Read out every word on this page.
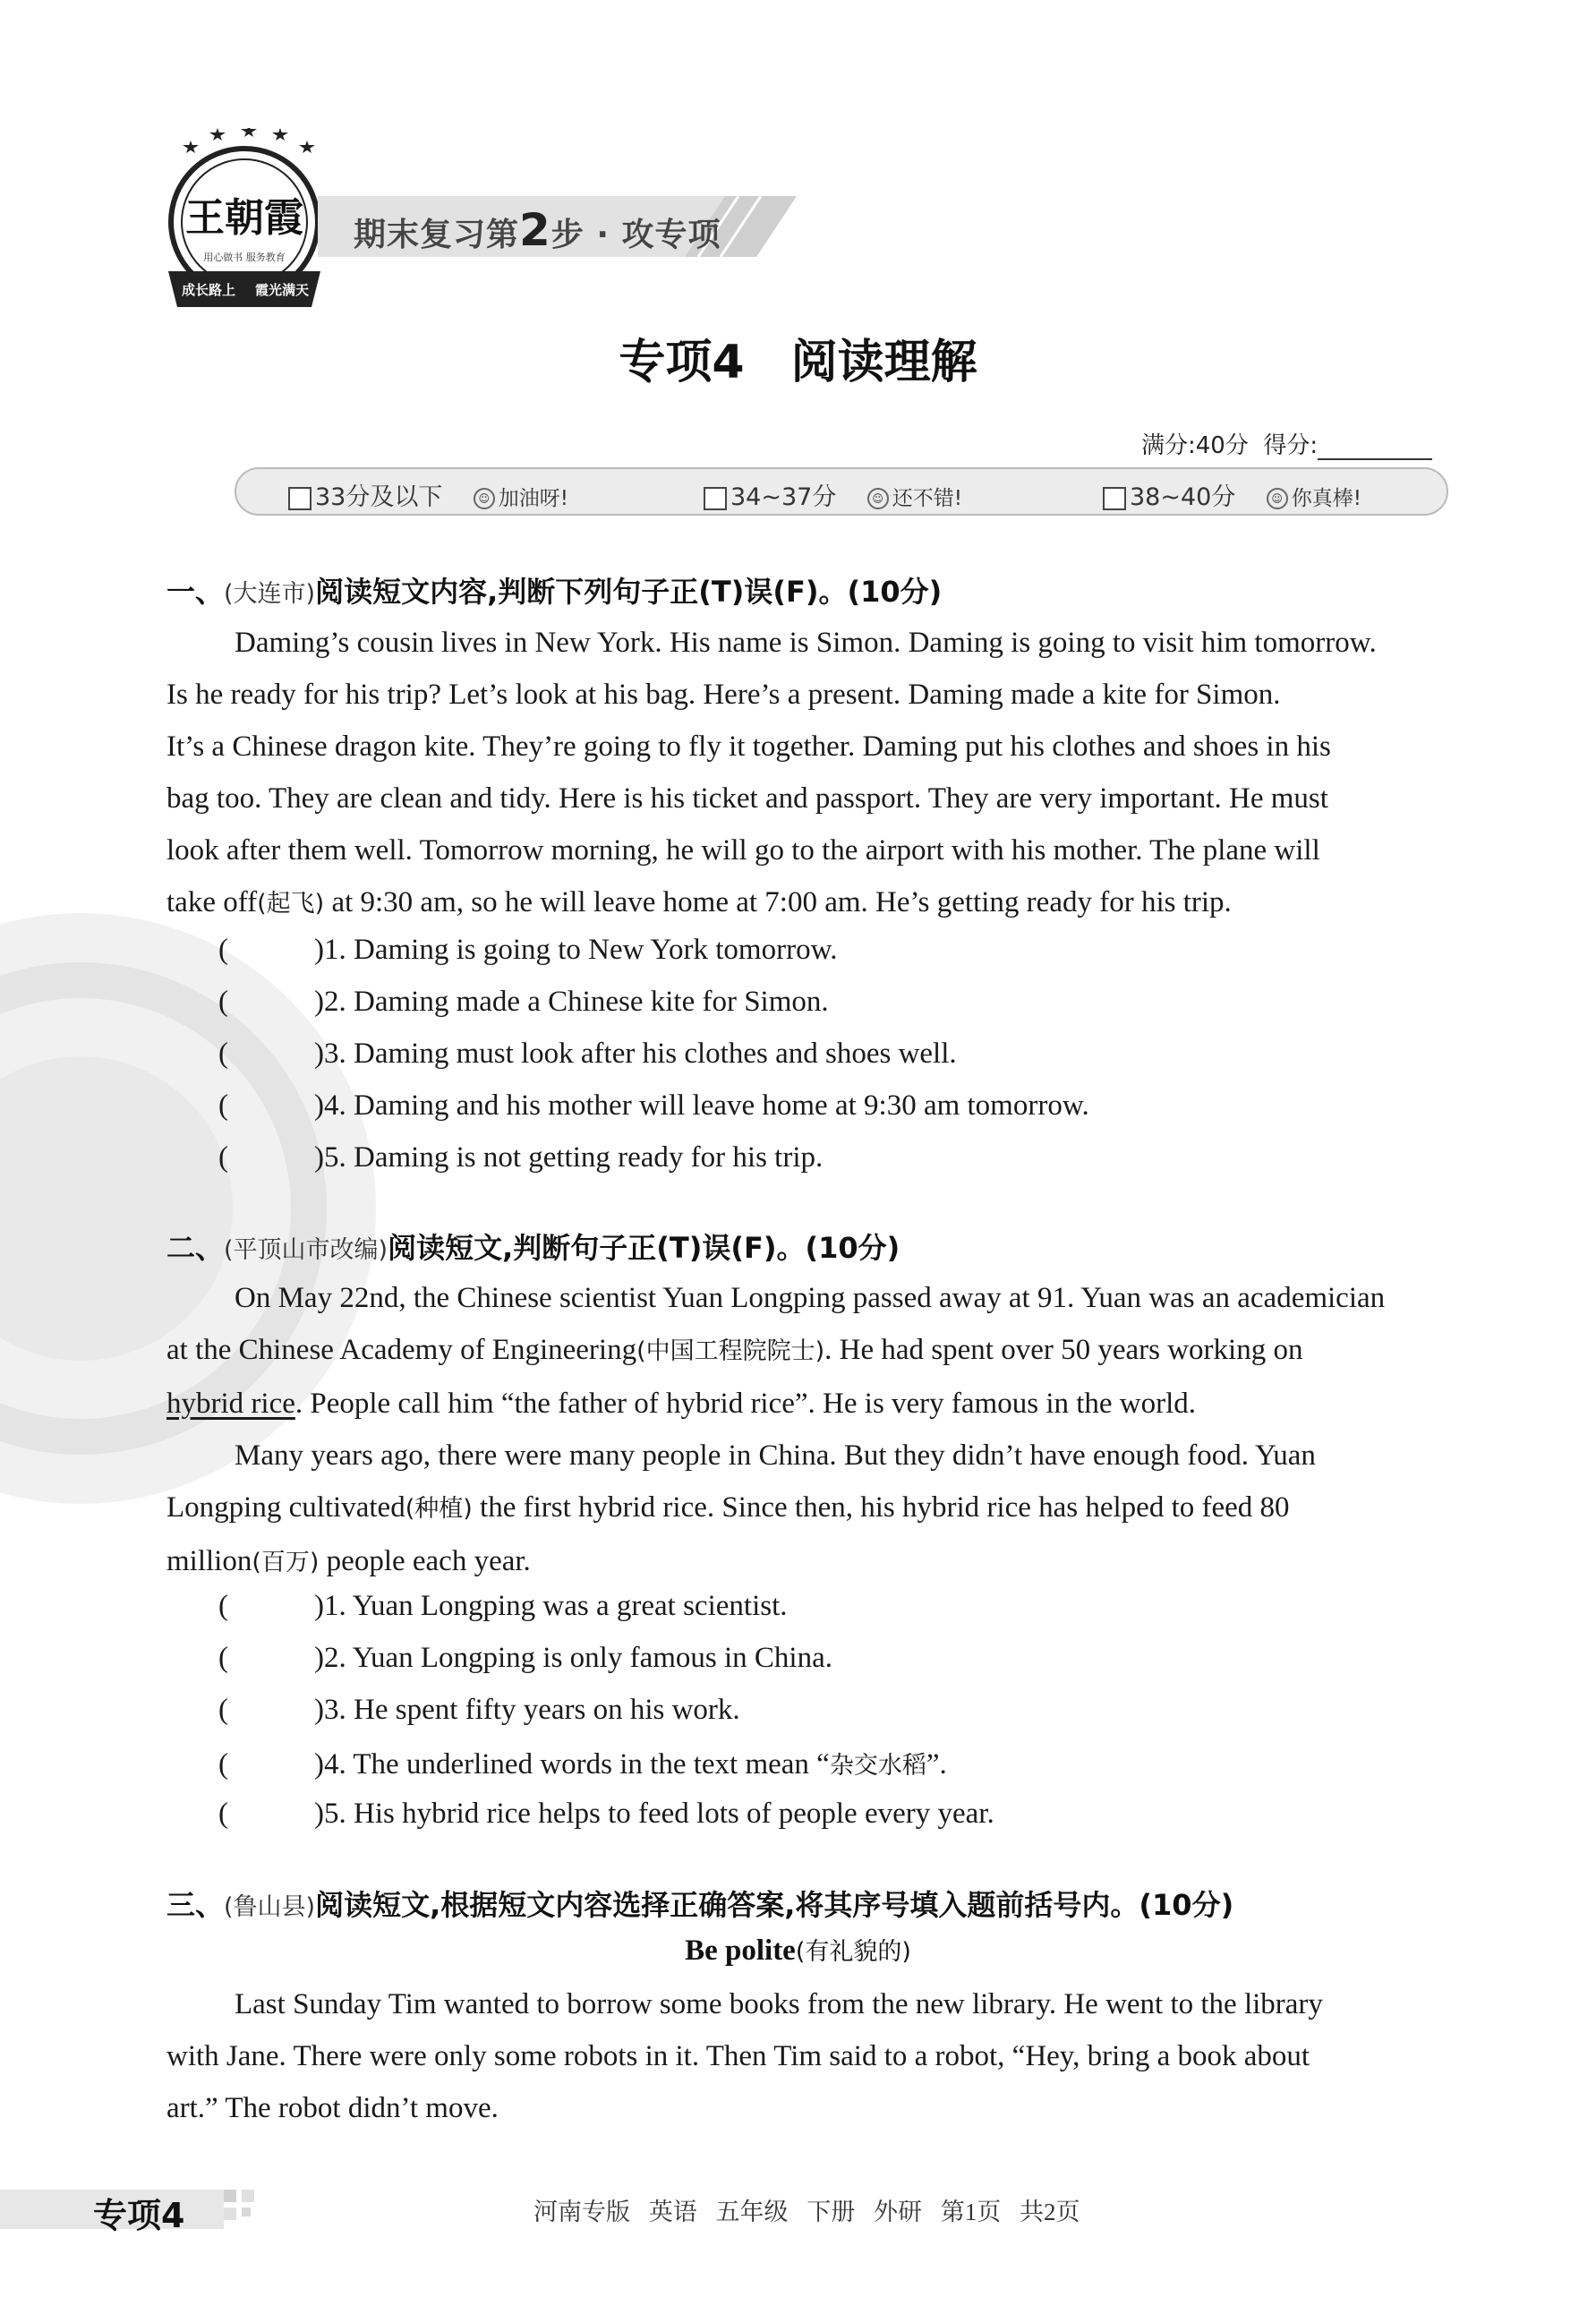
王朝霞
用心做书 服务教育
成长路上 霞光满天
期末复习第2步 · 攻专项
专项4　阅读理解
满分:40分 得分:
33分及以下	☺ 加油呀!	34~37分	☺ 还不错!	38~40分	☺ 你真棒!
一、(大连市)阅读短文内容,判断下列句子正(T)误(F)。(10分)
Daming’s cousin lives in New York. His name is Simon. Daming is going to visit him tomorrow.
Is he ready for his trip? Let’s look at his bag. Here’s a present. Daming made a kite for Simon.
It’s a Chinese dragon kite. They’re going to fly it together. Daming put his clothes and shoes in his
bag too. They are clean and tidy. Here is his ticket and passport. They are very important. He must
look after them well. Tomorrow morning, he will go to the airport with his mother. The plane will
take off(起飞) at 9:30 am, so he will leave home at 7:00 am. He’s getting ready for his trip.
(	)1. Daming is going to New York tomorrow.
(	)2. Daming made a Chinese kite for Simon.
(	)3. Daming must look after his clothes and shoes well.
(	)4. Daming and his mother will leave home at 9:30 am tomorrow.
(	)5. Daming is not getting ready for his trip.
二、(平顶山市改编)阅读短文,判断句子正(T)误(F)。(10分)
On May 22nd, the Chinese scientist Yuan Longping passed away at 91. Yuan was an academician
at the Chinese Academy of Engineering(中国工程院院士). He had spent over 50 years working on
hybrid rice. People call him “the father of hybrid rice”. He is very famous in the world.
Many years ago, there were many people in China. But they didn’t have enough food. Yuan
Longping cultivated(种植) the first hybrid rice. Since then, his hybrid rice has helped to feed 80
million(百万) people each year.
(	)1. Yuan Longping was a great scientist.
(	)2. Yuan Longping is only famous in China.
(	)3. He spent fifty years on his work.
(	)4. The underlined words in the text mean “杂交水稻”.
(	)5. His hybrid rice helps to feed lots of people every year.
三、(鲁山县)阅读短文,根据短文内容选择正确答案,将其序号填入题前括号内。(10分)
Be polite(有礼貌的)
Last Sunday Tim wanted to borrow some books from the new library. He went to the library
with Jane. There were only some robots in it. Then Tim said to a robot, “Hey, bring a book about
art.” The robot didn’t move.
专项4	河南专版 英语 五年级 下册 外研 第1页 共2页
